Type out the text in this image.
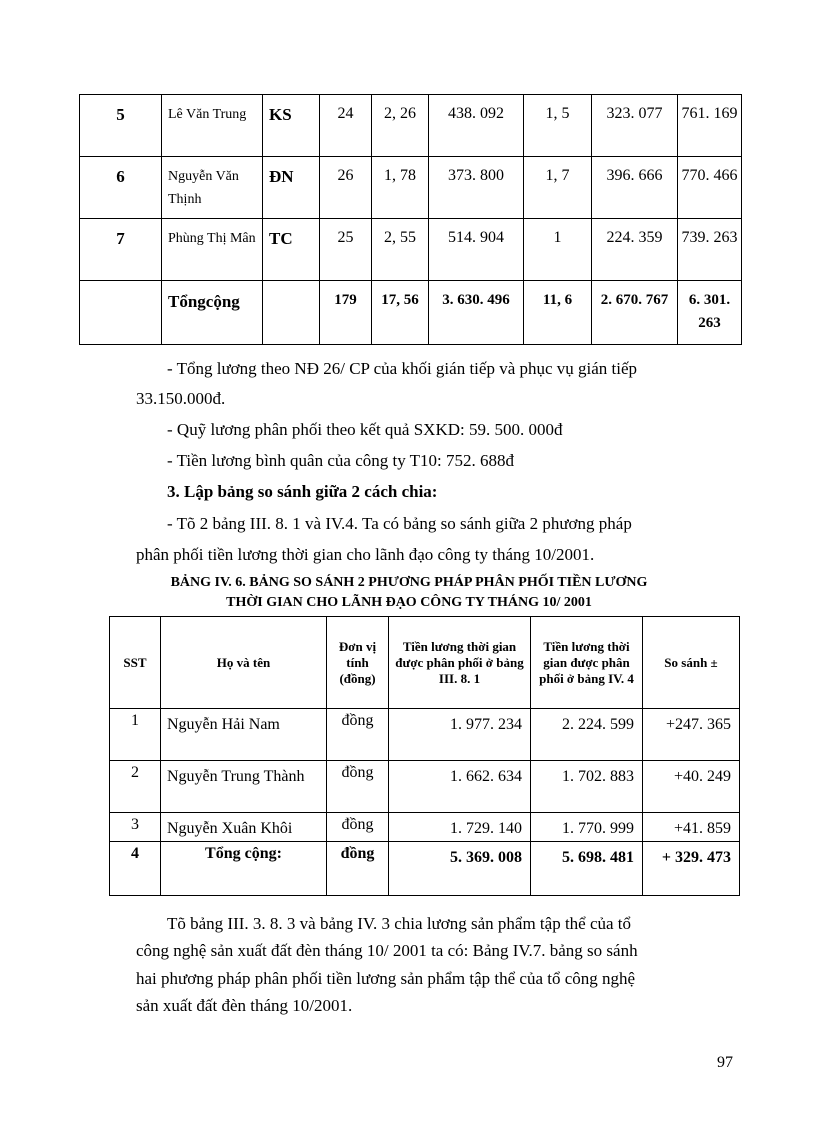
5	Lê Văn Trung	KS	24	2, 26	438. 092	1, 5	323. 077	761. 169
6	Nguyễn Văn Thịnh	ĐN	26	1, 78	373. 800	1, 7	396. 666	770. 466
7	Phùng Thị Mân	TC	25	2, 55	514. 904	1	224. 359	739. 263
	Tổngcộng		179	17, 56	3. 630. 496	11, 6	2. 670. 767	6. 301. 263
- Tổng lương theo NĐ 26/ CP của khối gián tiếp và phục vụ gián tiếp
33.150.000đ.
- Quỹ lương phân phối theo kết quả SXKD: 59. 500. 000đ
- Tiền lương bình quân của công ty T10: 752. 688đ
3. Lập bảng so sánh giữa 2 cách chia:
- Tõ 2 bảng III. 8. 1 và IV.4. Ta có bảng so sánh giữa 2 phương pháp
phân phối tiền lương thời gian cho lãnh đạo công ty tháng 10/2001.
BẢNG IV. 6. BẢNG SO SÁNH 2 PHƯƠNG PHÁP PHÂN PHỐI TIỀN LƯƠNG
THỜI GIAN CHO LÃNH ĐẠO CÔNG TY THÁNG 10/ 2001
SST	Họ và tên	Đơn vị tính (đồng)	Tiền lương thời gian được phân phối ở bảng III. 8. 1	Tiền lương thời gian được phân phối ở bảng IV. 4	So sánh ±
1	Nguyễn Hải Nam	đồng	1. 977. 234	2. 224. 599	+247. 365
2	Nguyễn Trung Thành	đồng	1. 662. 634	1. 702. 883	+40. 249
3	Nguyễn Xuân Khôi	đồng	1. 729. 140	1. 770. 999	+41. 859
4	Tổng cộng:	đồng	5. 369. 008	5. 698. 481	+ 329. 473
Tõ bảng III. 3. 8. 3 và bảng IV. 3 chia lương sản phẩm tập thể của tổ
công nghệ sản xuất đất đèn tháng 10/ 2001 ta có: Bảng IV.7. bảng so sánh
hai phương pháp phân phối tiền lương sản phẩm tập thể của tổ công nghệ
sản xuất đất đèn tháng 10/2001.
97
